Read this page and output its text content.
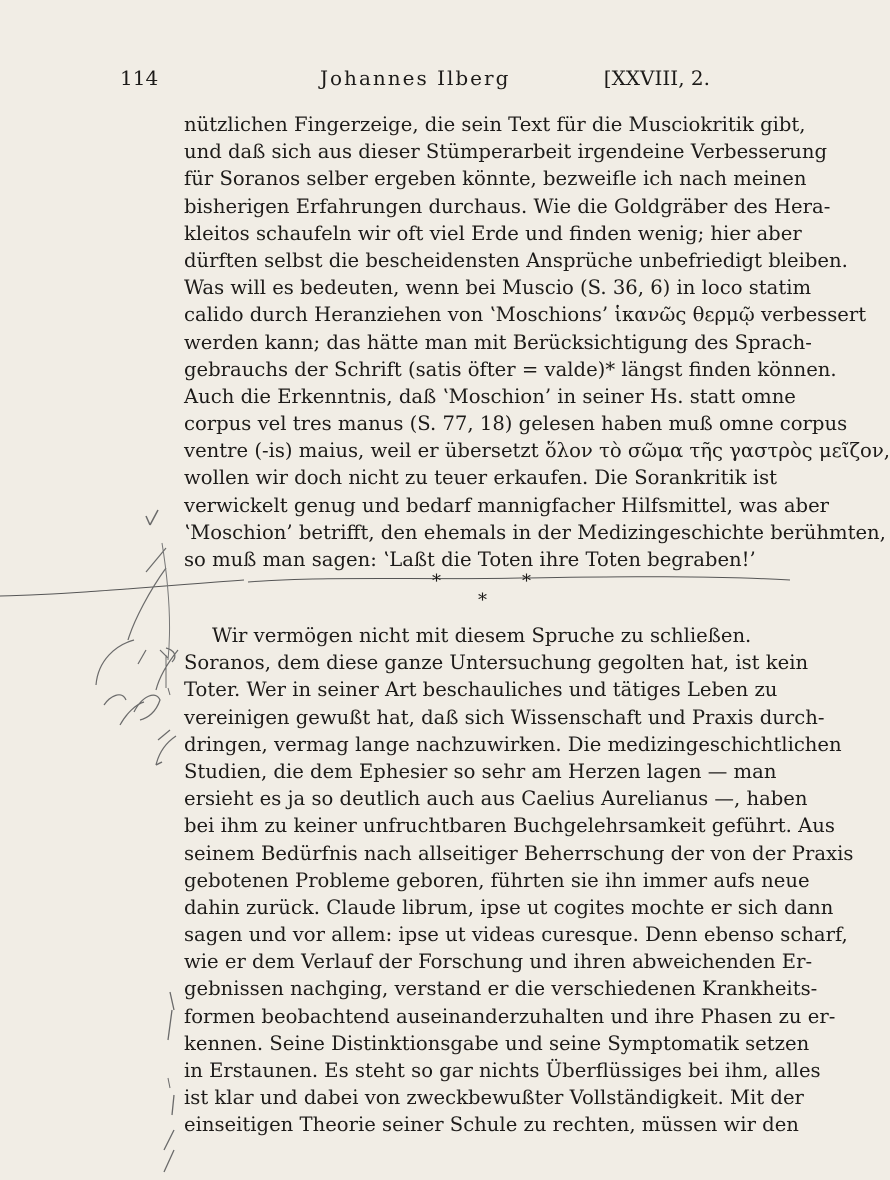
114	Johannes Ilberg	[XXVIII, 2.
nützlichen Fingerzeige, die sein Text für die Musciokritik gibt,
und daß sich aus dieser Stümperarbeit irgendeine Verbesserung
für Soranos selber ergeben könnte, bezweifle ich nach meinen
bisherigen Erfahrungen durchaus. Wie die Goldgräber des Hera-
kleitos schaufeln wir oft viel Erde und finden wenig; hier aber
dürften selbst die bescheidensten Ansprüche unbefriedigt bleiben.
Was will es bedeuten, wenn bei Muscio (S. 36, 6) in loco statim
calido durch Heranziehen von ʽMoschions’ ἱκανῶς θερμῷ verbessert
werden kann; das hätte man mit Berücksichtigung des Sprach-
gebrauchs der Schrift (satis öfter = valde)* längst finden können.
Auch die Erkenntnis, daß ʽMoschion’ in seiner Hs. statt omne
corpus vel tres manus (S. 77, 18) gelesen haben muß omne corpus
ventre (-is) maius, weil er übersetzt ὅλον τὸ σῶμα τῆς γαστρὸς μεῖζον,
wollen wir doch nicht zu teuer erkaufen. Die Sorankritik ist
verwickelt genug und bedarf mannigfacher Hilfsmittel, was aber
ʽMoschion’ betrifft, den ehemals in der Medizingeschichte berühmten,
so muß man sagen: ʽLaßt die Toten ihre Toten begraben!’
*	*
*
Wir vermögen nicht mit diesem Spruche zu schließen.
Soranos, dem diese ganze Untersuchung gegolten hat, ist kein
Toter. Wer in seiner Art beschauliches und tätiges Leben zu
vereinigen gewußt hat, daß sich Wissenschaft und Praxis durch-
dringen, vermag lange nachzuwirken. Die medizingeschichtlichen
Studien, die dem Ephesier so sehr am Herzen lagen — man
ersieht es ja so deutlich auch aus Caelius Aurelianus —, haben
bei ihm zu keiner unfruchtbaren Buchgelehrsamkeit geführt. Aus
seinem Bedürfnis nach allseitiger Beherrschung der von der Praxis
gebotenen Probleme geboren, führten sie ihn immer aufs neue
dahin zurück. Claude librum, ipse ut cogites mochte er sich dann
sagen und vor allem: ipse ut videas curesque. Denn ebenso scharf,
wie er dem Verlauf der Forschung und ihren abweichenden Er-
gebnissen nachging, verstand er die verschiedenen Krankheits-
formen beobachtend auseinanderzuhalten und ihre Phasen zu er-
kennen. Seine Distinktionsgabe und seine Symptomatik setzen
in Erstaunen. Es steht so gar nichts Überflüssiges bei ihm, alles
ist klar und dabei von zweckbewußter Vollständigkeit. Mit der
einseitigen Theorie seiner Schule zu rechten, müssen wir den
